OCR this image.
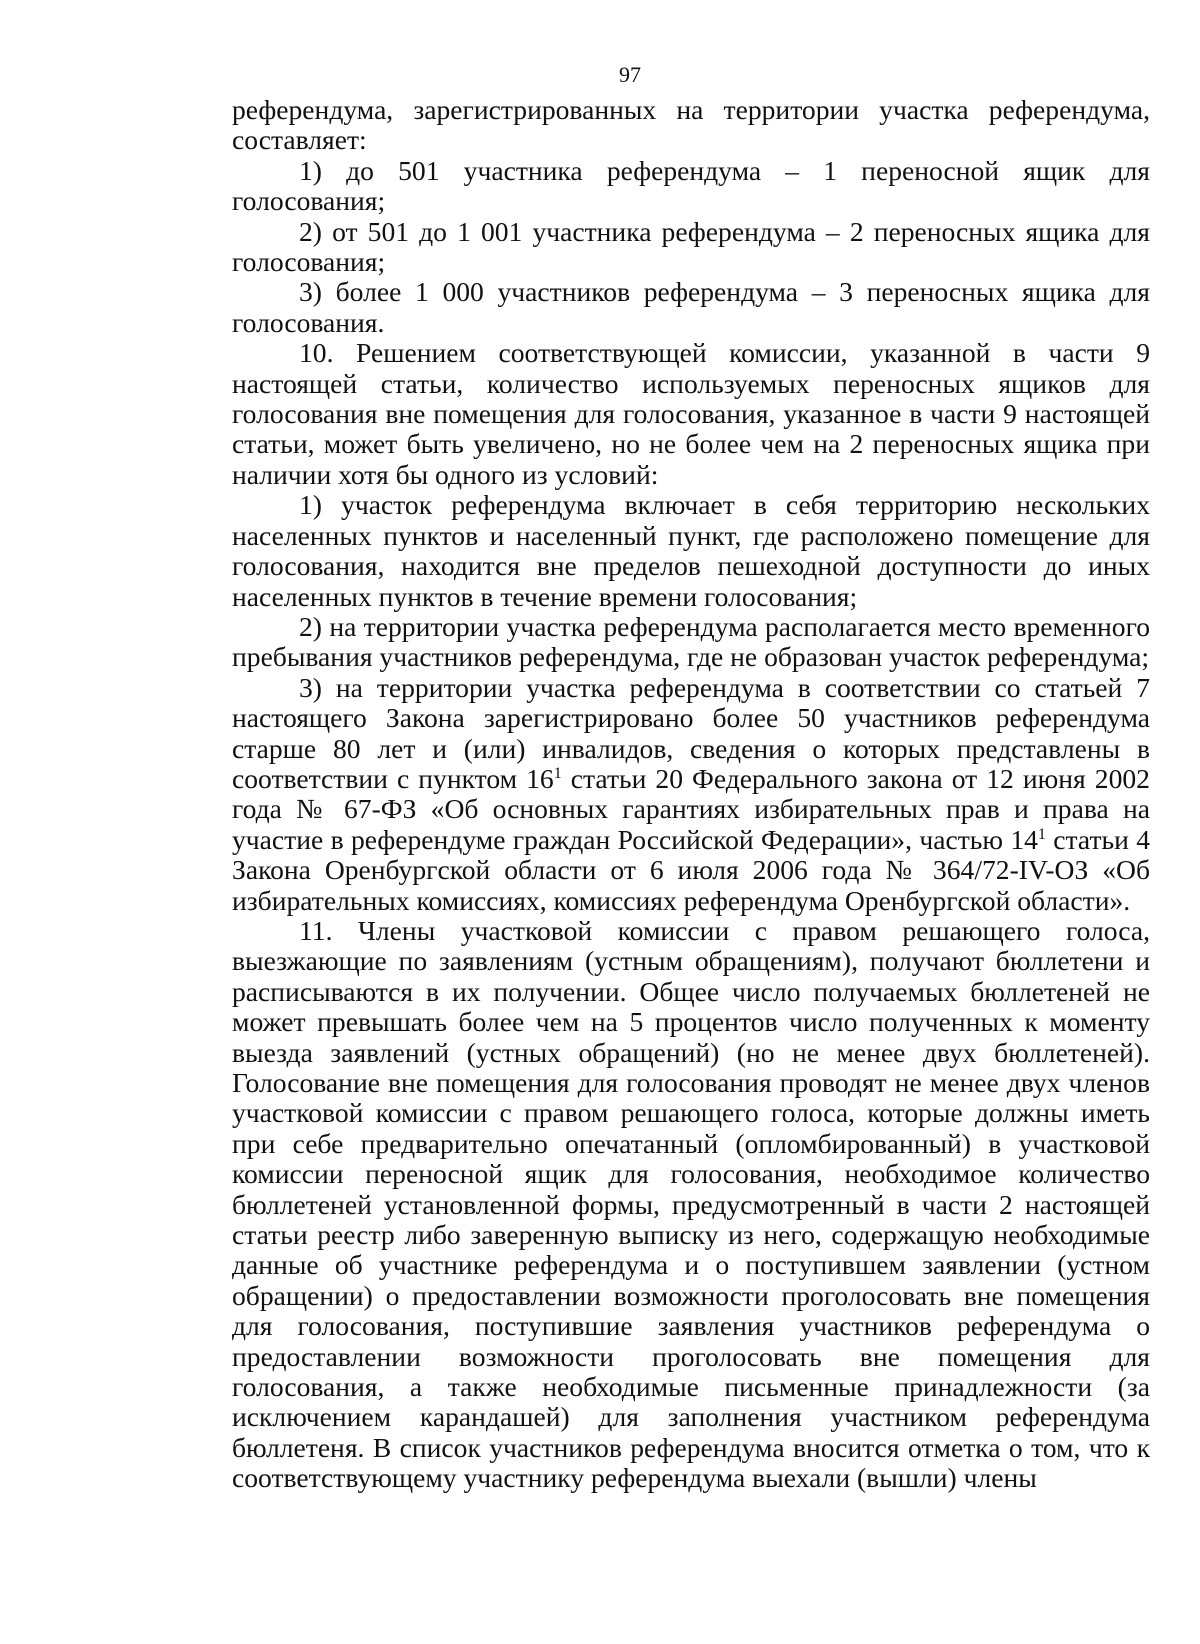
97

референдума, зарегистрированных на территории участка референдума, составляет:

1) до 501 участника референдума – 1 переносной ящик для голосования;

2) от 501 до 1 001 участника референдума – 2 переносных ящика для голосования;

3) более 1 000 участников референдума – 3 переносных ящика для голосования.

10. Решением соответствующей комиссии, указанной в части 9 настоящей статьи, количество используемых переносных ящиков для голосования вне помещения для голосования, указанное в части 9 настоящей статьи, может быть увеличено, но не более чем на 2 переносных ящика при наличии хотя бы одного из условий:

1) участок референдума включает в себя территорию нескольких населенных пунктов и населенный пункт, где расположено помещение для голосования, находится вне пределов пешеходной доступности до иных населенных пунктов в течение времени голосования;

2) на территории участка референдума располагается место временного пребывания участников референдума, где не образован участок референдума;

3) на территории участка референдума в соответствии со статьей 7 настоящего Закона зарегистрировано более 50 участников референдума старше 80 лет и (или) инвалидов, сведения о которых представлены в соответствии с пунктом $16^1$ статьи 20 Федерального закона от 12 июня 2002 года № 67-ФЗ «Об основных гарантиях избирательных прав и права на участие в референдуме граждан Российской Федерации», частью $14^1$ статьи 4 Закона Оренбургской области от 6 июля 2006 года № 364/72-IV-ОЗ «Об избирательных комиссиях, комиссиях референдума Оренбургской области».

11. Члены участковой комиссии с правом решающего голоса, выезжающие по заявлениям (устным обращениям), получают бюллетени и расписываются в их получении. Общее число получаемых бюллетеней не может превышать более чем на 5 процентов число полученных к моменту выезда заявлений (устных обращений) (но не менее двух бюллетеней). Голосование вне помещения для голосования проводят не менее двух членов участковой комиссии с правом решающего голоса, которые должны иметь при себе предварительно опечатанный (опломбированный) в участковой комиссии переносной ящик для голосования, необходимое количество бюллетеней установленной формы, предусмотренный в части 2 настоящей статьи реестр либо заверенную выписку из него, содержащую необходимые данные об участнике референдума и о поступившем заявлении (устном обращении) о предоставлении возможности проголосовать вне помещения для голосования, поступившие заявления участников референдума о предоставлении возможности проголосовать вне помещения для голосования, а также необходимые письменные принадлежности (за исключением карандашей) для заполнения участником референдума бюллетеня. В список участников референдума вносится отметка о том, что к соответствующему участнику референдума выехали (вышли) члены
